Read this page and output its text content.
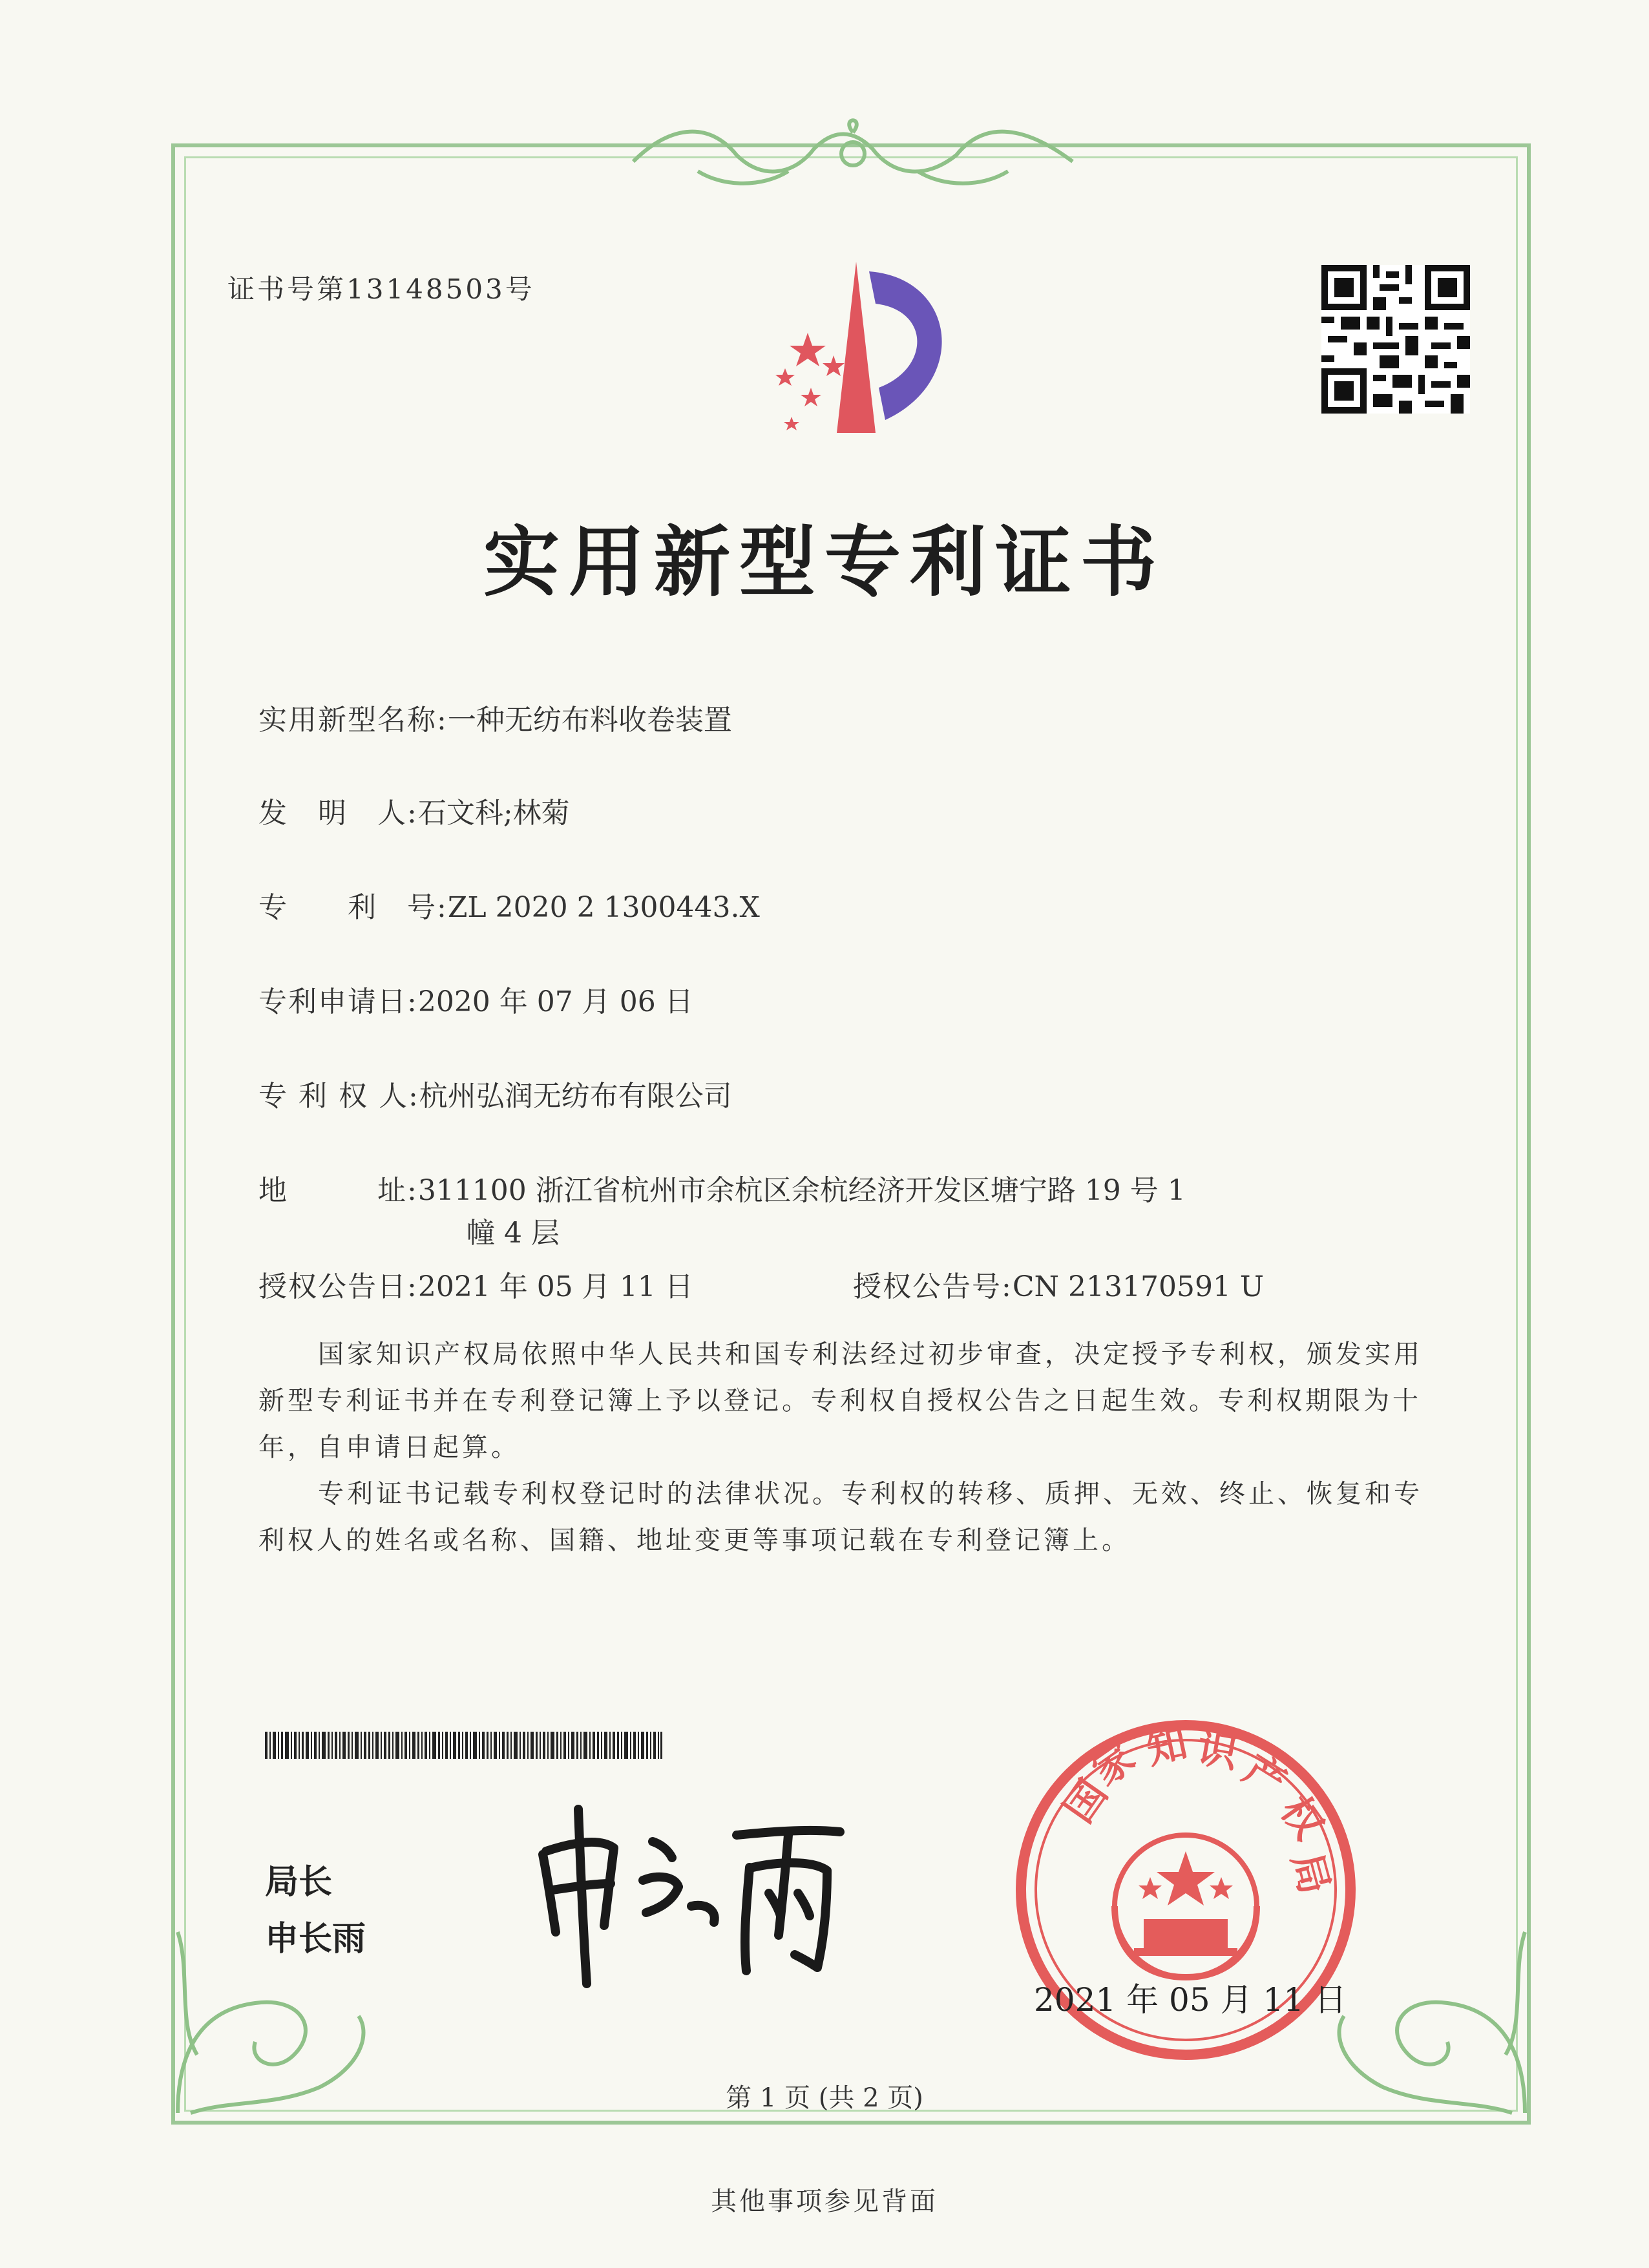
证书号第13148503号
实用新型专利证书
实用新型名称:一种无纺布料收卷装置
发　明　人:石文科;林菊
专　　利　号:ZL 2020 2 1300443.X
专利申请日:2020 年 07 月 06 日
专 利 权 人:杭州弘润无纺布有限公司
地　　　址:311100 浙江省杭州市余杭区余杭经济开发区塘宁路 19 号 1
幢 4 层
授权公告日:2021 年 05 月 11 日	授权公告号:CN 213170591 U
国家知识产权局依照中华人民共和国专利法经过初步审查，决定授予专利权，颁发实用新型专利证书并在专利登记簿上予以登记。专利权自授权公告之日起生效。专利权期限为十年，自申请日起算。
专利证书记载专利权登记时的法律状况。专利权的转移、质押、无效、终止、恢复和专利权人的姓名或名称、国籍、地址变更等事项记载在专利登记簿上。
局长
申长雨
国
家
知 识
产
权
局
2021 年 05 月 11 日
第 1 页 (共 2 页)
其他事项参见背面
